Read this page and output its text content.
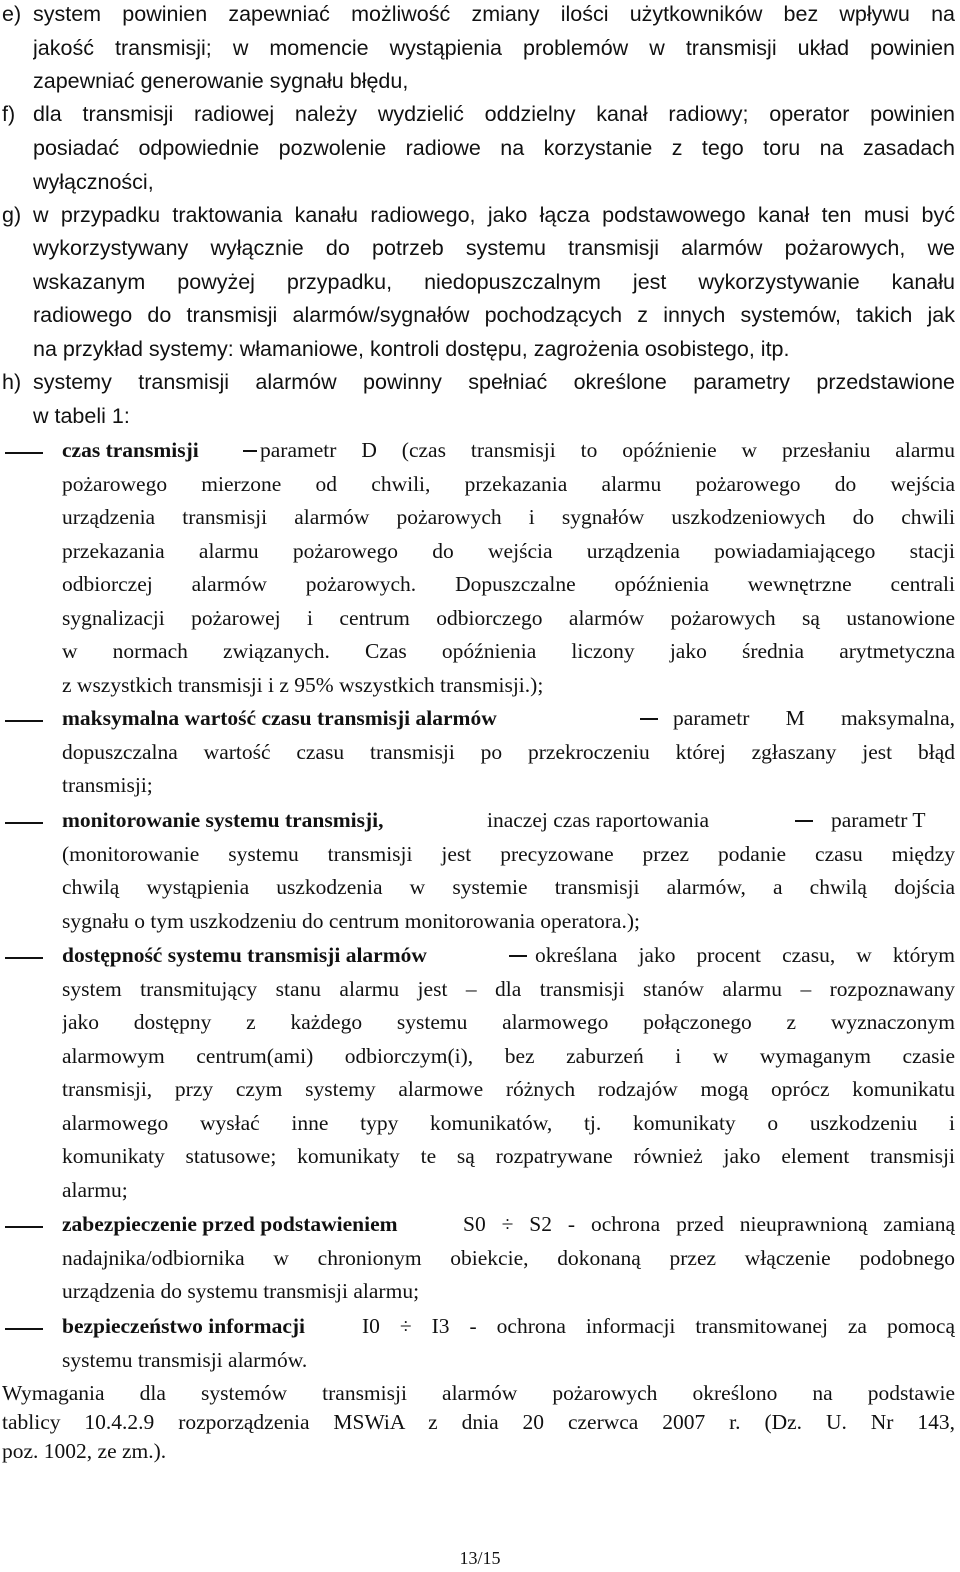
e) system powinien zapewniać możliwość zmiany ilości użytkowników bez wpływu na
jakość transmisji; w momencie wystąpienia problemów w transmisji układ powinien
zapewniać generowanie sygnału błędu,
f) dla transmisji radiowej należy wydzielić oddzielny kanał radiowy; operator powinien
posiadać odpowiednie pozwolenie radiowe na korzystanie z tego toru na zasadach
wyłączności,
g) w przypadku traktowania kanału radiowego, jako łącza podstawowego kanał ten musi być
wykorzystywany wyłącznie do potrzeb systemu transmisji alarmów pożarowych, we
wskazanym powyżej przypadku, niedopuszczalnym jest wykorzystywanie kanału
radiowego do transmisji alarmów/sygnałów pochodzących z innych systemów, takich jak
na przykład systemy: włamaniowe, kontroli dostępu, zagrożenia osobistego, itp.
h) systemy transmisji alarmów powinny spełniać określone parametry przedstawione
w tabeli 1:
czas transmisji	parametr D (czas transmisji to opóźnienie w przesłaniu alarmu
pożarowego mierzone od chwili, przekazania alarmu pożarowego do wejścia
urządzenia transmisji alarmów pożarowych i sygnałów uszkodzeniowych do chwili
przekazania alarmu pożarowego do wejścia urządzenia powiadamiającego stacji
odbiorczej alarmów pożarowych. Dopuszczalne opóźnienia wewnętrzne centrali
sygnalizacji pożarowej i centrum odbiorczego alarmów pożarowych są ustanowione
w normach związanych. Czas opóźnienia liczony jako średnia arytmetyczna
z wszystkich transmisji i z 95% wszystkich transmisji.);
maksymalna wartość czasu transmisji alarmów	parametr M maksymalna,
dopuszczalna wartość czasu transmisji po przekroczeniu której zgłaszany jest błąd
transmisji;
monitorowanie systemu transmisji,	inaczej czas raportowania	parametr T
(monitorowanie systemu transmisji jest precyzowane przez podanie czasu między
chwilą wystąpienia uszkodzenia w systemie transmisji alarmów, a chwilą dojścia
sygnału o tym uszkodzeniu do centrum monitorowania operatora.);
dostępność systemu transmisji alarmów	określana jako procent czasu, w którym
system transmitujący stanu alarmu jest – dla transmisji stanów alarmu – rozpoznawany
jako dostępny z każdego systemu alarmowego połączonego z wyznaczonym
alarmowym centrum(ami) odbiorczym(i), bez zaburzeń i w wymaganym czasie
transmisji, przy czym systemy alarmowe różnych rodzajów mogą oprócz komunikatu
alarmowego wysłać inne typy komunikatów, tj. komunikaty o uszkodzeniu i
komunikaty statusowe; komunikaty te są rozpatrywane również jako element transmisji
alarmu;
zabezpieczenie przed podstawieniem	S0 ÷ S2 - ochrona przed nieuprawnioną zamianą
nadajnika/odbiornika w chronionym obiekcie, dokonaną przez włączenie podobnego
urządzenia do systemu transmisji alarmu;
bezpieczeństwo informacji	I0 ÷ I3 - ochrona informacji transmitowanej za pomocą
systemu transmisji alarmów.
Wymagania dla systemów transmisji alarmów pożarowych określono na podstawie
tablicy 10.4.2.9 rozporządzenia MSWiA z dnia 20 czerwca 2007 r. (Dz. U. Nr 143,
poz. 1002, ze zm.).
13/15
